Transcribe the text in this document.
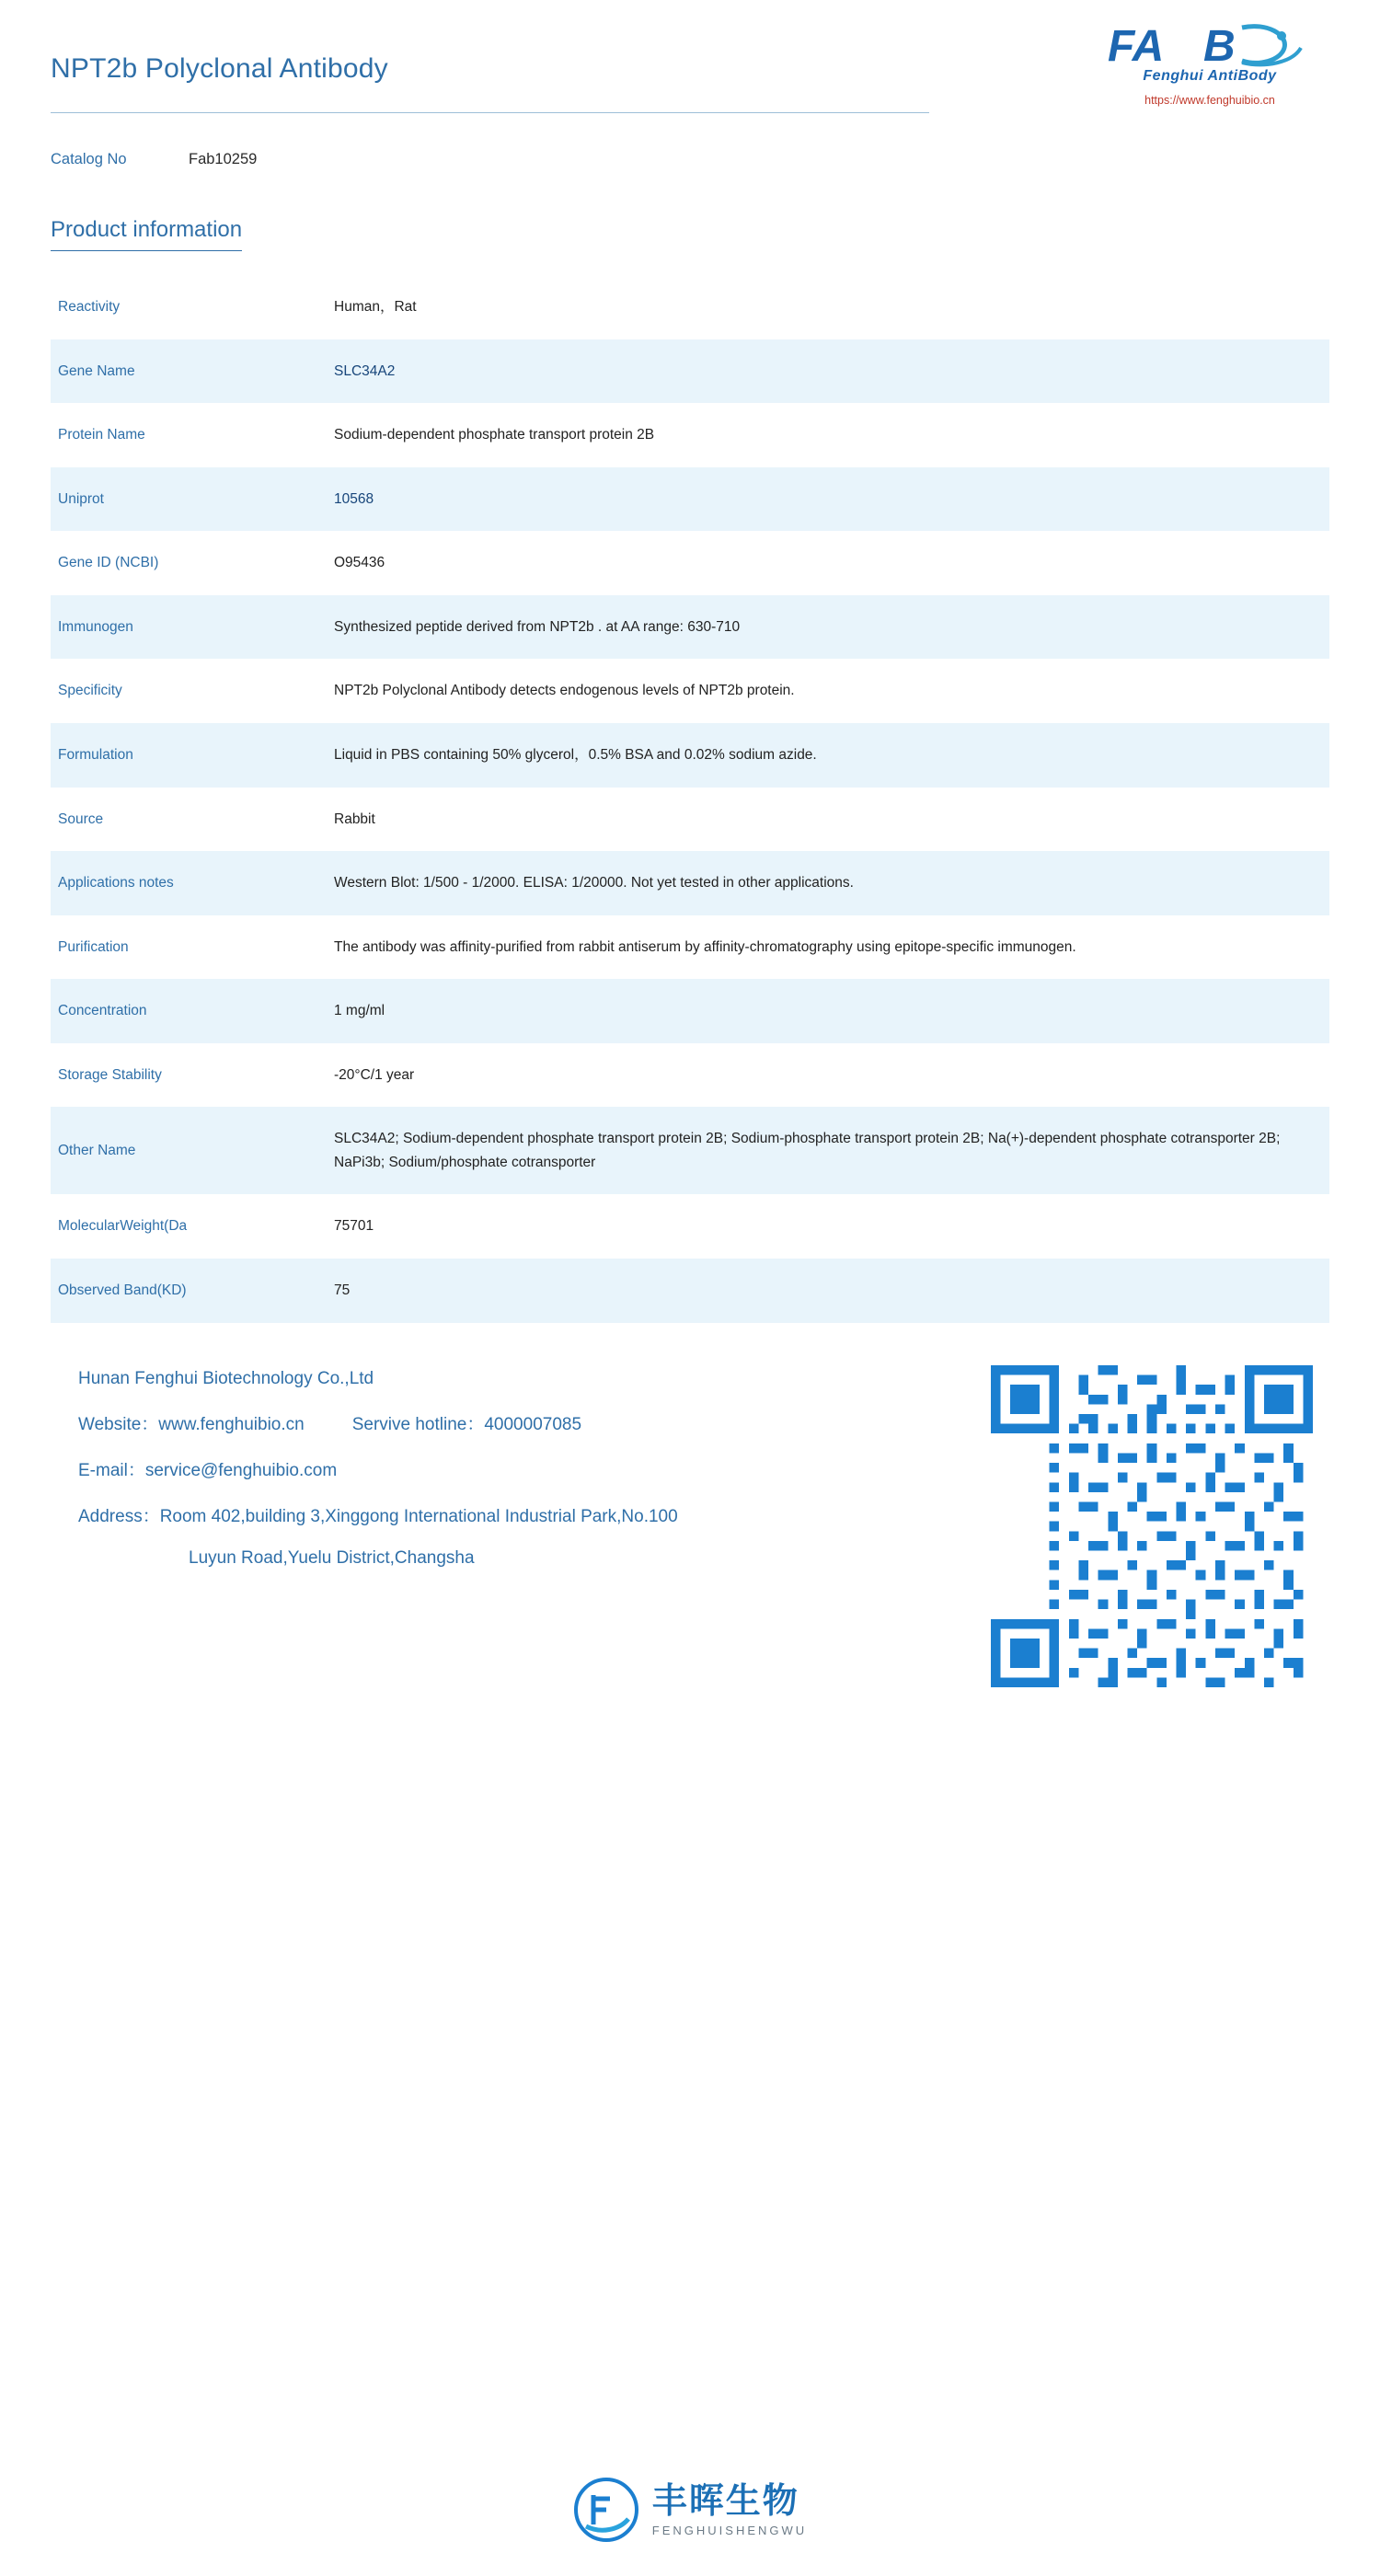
NPT2b Polyclonal Antibody	FA B
Fenghui AntiBody
https://www.fenghuibio.cn
Catalog No	Fab10259
Product information
Reactivity	Human，Rat
Gene Name	SLC34A2
Protein Name	Sodium-dependent phosphate transport protein 2B
Uniprot	10568
Gene ID (NCBI)	O95436
Immunogen	Synthesized peptide derived from NPT2b . at AA range: 630-710
Specificity	NPT2b Polyclonal Antibody detects endogenous levels of NPT2b protein.
Formulation	Liquid in PBS containing 50% glycerol，0.5% BSA and 0.02% sodium azide.
Source	Rabbit
Applications notes	Western Blot: 1/500 - 1/2000. ELISA: 1/20000. Not yet tested in other applications.
Purification	The antibody was affinity-purified from rabbit antiserum by affinity-chromatography using epitope-specific immunogen.
Concentration	1 mg/ml
Storage Stability	-20°C/1 year
Other Name	SLC34A2; Sodium-dependent phosphate transport protein 2B; Sodium-phosphate transport protein 2B; Na(+)-dependent phosphate cotransporter 2B; NaPi3b; Sodium/phosphate cotransporter
MolecularWeight(Da	75701
Observed Band(KD)	75
Hunan Fenghui Biotechnology Co.,Ltd
Website：www.fenghuibio.cn	Servive hotline：4000007085
E-mail：service@fenghuibio.com
Address：Room 402,building 3,Xinggong International Industrial Park,No.100
Luyun Road,Yuelu District,Changsha
丰晖生物
FENGHUISHENGWU
